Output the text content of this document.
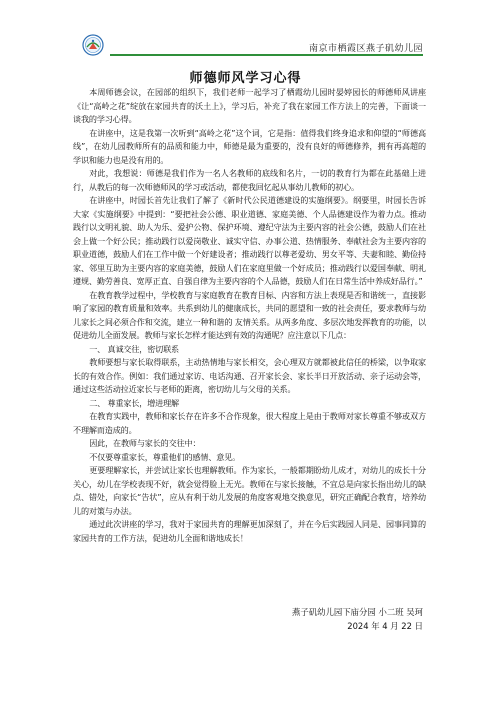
南京市栖霞区燕子矶幼儿园
师德师风学习心得

本周师德会议，在园部的组织下，我们老师一起学习了栖霞幼儿园时晏婷园长的师德师风讲座《让“高岭之花”绽放在家园共育的沃土上》，学习后，补充了我在家园工作方法上的完善，下面谈一谈我的学习心得。

在讲座中，这是我第一次听到“高岭之花”这个词，它是指：值得我们终身追求和仰望的“师德高线”，在幼儿园教师所有的品质和能力中，师德是最为重要的，没有良好的师德修养，拥有再高超的学识和能力也是没有用的。

对此，我想说：师德是我们作为一名人名教师的底线和名片，一切的教育行为都在此基础上进行，从教后的每一次师德师风的学习或活动，都使我回忆起从事幼儿教师的初心。

在讲座中，时园长首先让我们了解了《新时代公民道德建设的实施纲要》。纲要里，时园长告诉大家《实施纲要》中提到：“要把社会公德、职业道德、家庭美德、个人品德建设作为着力点。推动践行以文明礼貌、助人为乐、爱护公物、保护环境、遵纪守法为主要内容的社会公德，鼓励人们在社会上做一个好公民；推动践行以爱岗敬业、诚实守信、办事公道、热情服务、奉献社会为主要内容的职业道德，鼓励人们在工作中做一个好建设者；推动践行以尊老爱幼、男女平等、夫妻和睦、勤俭持家、邻里互助为主要内容的家庭美德，鼓励人们在家庭里做一个好成员；推动践行以爱国奉献、明礼遵规、勤劳善良、宽厚正直、自强自律为主要内容的个人品德，鼓励人们在日常生活中养成好品行。”

在教育教学过程中，学校教育与家庭教育在教育目标、内容和方法上表现是否和谐统一，直接影响了家园的教育质量和效率。共系到幼儿的健康成长，共同的愿望和一致的社会责任，要求教师与幼儿家长之间必须合作和交流，建立一种和谐的 友情关系。从两多角度、多层次地发挥教育的功能，以促进幼儿全面发展。教师与家长怎样才能达到有效的沟通呢？应注意以下几点：

一、 真诚交往，密切联系

教师要想与家长取得联系，主动热情地与家长相交，会心理双方就都被此信任的桥梁，以争取家长的有效合作。例如：我们通过家访、电话沟通、召开家长会、家长半日开放活动、亲子运动会等，通过这些活动拉近家长与老师的距离，密切幼儿与父母的关系。

二、 尊重家长，增进理解

在教育实践中，教师和家长存在许多不合作现象，很大程度上是由于教师对家长尊重不够或双方不理解而造成的。

因此，在教师与家长的交往中：

不仅要尊重家长，尊重他们的感情、意见。

更要理解家长，并尝试让家长也理解教师。作为家长，一般都期盼幼儿成才，对幼儿的成长十分关心，幼儿在学校表现不好，就会觉得脸上无光。教师在与家长接触，不宜总是向家长指出幼儿的缺点、错处，向家长“告状”，应从有利于幼儿发展的角度客观地交换意见，研究正确配合教育，培养幼儿的对策与办法。

通过此次讲座的学习，我对于家园共育的理解更加深刻了，并在今后实践园人同是、园事同算的家园共育的工作方法，促进幼儿全面和谐地成长！

燕子矶幼儿园下庙分园 小二班 吴珂
2024 年 4 月 22 日
